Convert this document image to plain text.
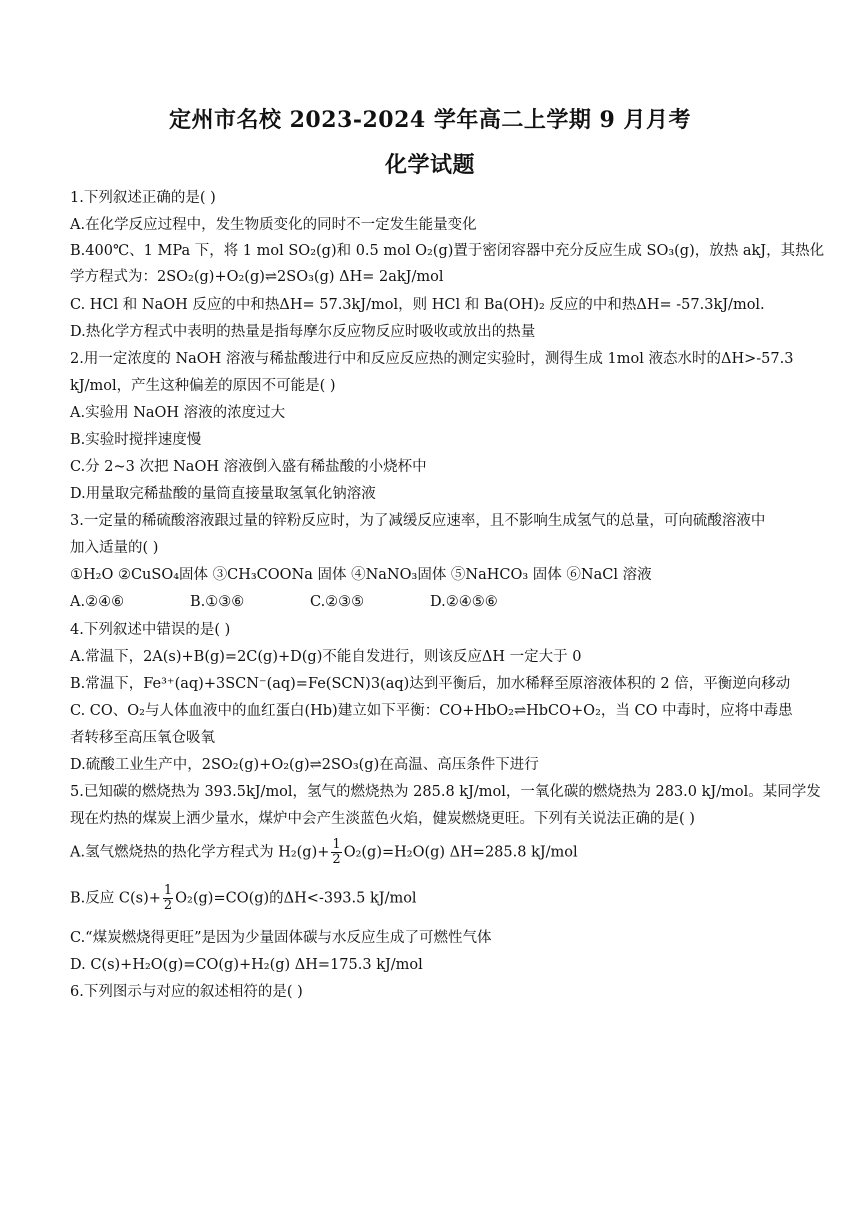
定州市名校 2023-2024 学年高二上学期 9 月月考
化学试题
1.下列叙述正确的是( )
A.在化学反应过程中，发生物质变化的同时不一定发生能量变化
B.400℃、1 MPa 下，将 1 mol SO₂(g)和 0.5 mol O₂(g)置于密闭容器中充分反应生成 SO₃(g)，放热 akJ，其热化
学方程式为：2SO₂(g)+O₂(g)⇌2SO₃(g) ΔH= 2akJ/mol
C. HCl 和 NaOH 反应的中和热ΔH= 57.3kJ/mol，则 HCl 和 Ba(OH)₂ 反应的中和热ΔH= -57.3kJ/mol.
D.热化学方程式中表明的热量是指每摩尔反应物反应时吸收或放出的热量
2.用一定浓度的 NaOH 溶液与稀盐酸进行中和反应反应热的测定实验时，测得生成 1mol 液态水时的ΔH>-57.3
kJ/mol，产生这种偏差的原因不可能是( )
A.实验用 NaOH 溶液的浓度过大
B.实验时搅拌速度慢
C.分 2~3 次把 NaOH 溶液倒入盛有稀盐酸的小烧杯中
D.用量取完稀盐酸的量筒直接量取氢氧化钠溶液
3.一定量的稀硫酸溶液跟过量的锌粉反应时，为了减缓反应速率，且不影响生成氢气的总量，可向硫酸溶液中
加入适量的( )
①H₂O ②CuSO₄固体 ③CH₃COONa 固体 ④NaNO₃固体 ⑤NaHCO₃ 固体 ⑥NaCl 溶液
A.②④⑥	B.①③⑥	C.②③⑤	D.②④⑤⑥
4.下列叙述中错误的是( )
A.常温下，2A(s)+B(g)=2C(g)+D(g)不能自发进行，则该反应ΔH 一定大于 0
B.常温下，Fe³⁺(aq)+3SCN⁻(aq)=Fe(SCN)3(aq)达到平衡后，加水稀释至原溶液体积的 2 倍，平衡逆向移动
C. CO、O₂与人体血液中的血红蛋白(Hb)建立如下平衡：CO+HbO₂⇌HbCO+O₂，当 CO 中毒时，应将中毒患
者转移至高压氧仓吸氧
D.硫酸工业生产中，2SO₂(g)+O₂(g)⇌2SO₃(g)在高温、高压条件下进行
5.已知碳的燃烧热为 393.5kJ/mol，氢气的燃烧热为 285.8 kJ/mol，一氧化碳的燃烧热为 283.0 kJ/mol。某同学发
现在灼热的煤炭上洒少量水，煤炉中会产生淡蓝色火焰，健炭燃烧更旺。下列有关说法正确的是( )
A.氢气燃烧热的热化学方程式为 $H_2(g)+ \frac{1}{2} O_2(g)=H_2O(g)$ ΔH=285.8 kJ/mol
B.反应 $C(s)+ \frac{1}{2} O_2(g)=CO(g)$的ΔH<-393.5 kJ/mol
C.“煤炭燃烧得更旺”是因为少量固体碳与水反应生成了可燃性气体
D. C(s)+H₂O(g)=CO(g)+H₂(g) ΔH=175.3 kJ/mol
6.下列图示与对应的叙述相符的是( )
